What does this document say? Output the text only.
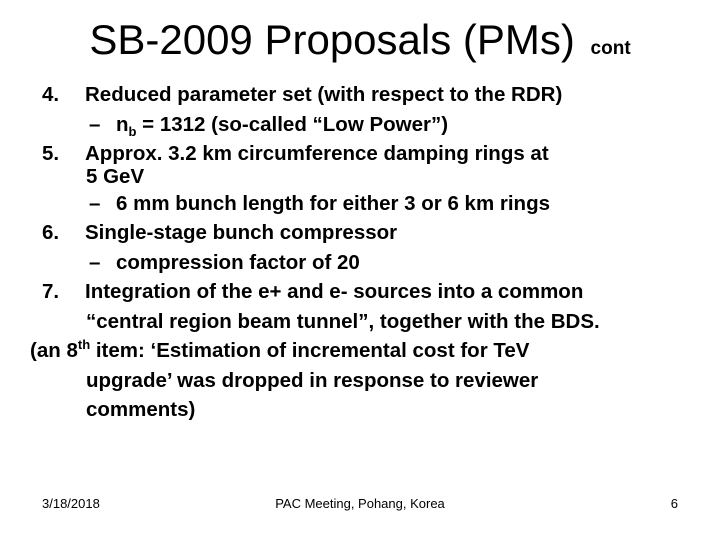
SB-2009 Proposals (PMs) cont
4. Reduced parameter set (with respect to the RDR)
– $n_b = 1312$ (so-called “Low Power”)
5. Approx. 3.2 km circumference damping rings at
5 GeV
– 6 mm bunch length for either 3 or 6 km rings
6. Single-stage bunch compressor
– compression factor of 20
7. Integration of the e+ and e- sources into a common
“central region beam tunnel”, together with the BDS.
(an 8th item: ‘Estimation of incremental cost for TeV
upgrade’ was dropped in response to reviewer
comments)
3/18/2018	PAC Meeting, Pohang, Korea	6
